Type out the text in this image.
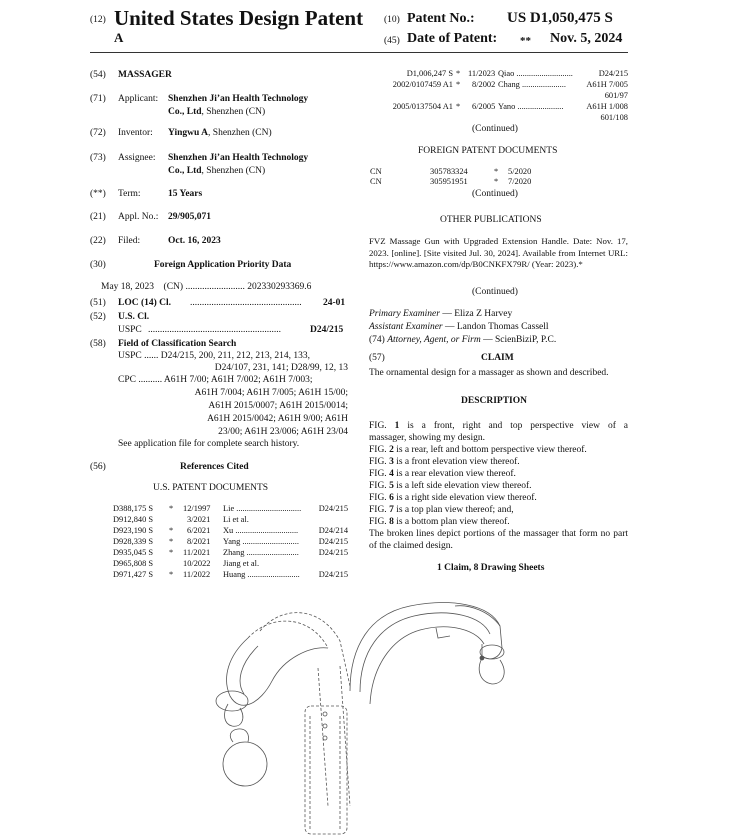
(12) United States Design Patent
A
(10) Patent No.: US D1,050,475 S
(45) Date of Patent: ** Nov. 5, 2024
(54) MASSAGER
(71) Applicant: Shenzhen Ji’an Health Technology
Co., Ltd, Shenzhen (CN)
(72) Inventor: Yingwu A, Shenzhen (CN)
(73) Assignee: Shenzhen Ji’an Health Technology
Co., Ltd, Shenzhen (CN)
(**) Term:	15 Years
(21) Appl. No.: 29/905,071
(22) Filed:	Oct. 16, 2023
(30)	Foreign Application Priority Data
May 18, 2023    (CN) ......................... 202330293369.6
(51) LOC (14) Cl. ............................................... 24-01
(52) U.S. Cl.
USPC ........................................................	D24/215
(58) Field of Classification Search
USPC ...... D24/215, 200, 211, 212, 213, 214, 133,
D24/107, 231, 141; D28/99, 12, 13
CPC .......... A61H 7/00; A61H 7/002; A61H 7/003;
A61H 7/004; A61H 7/005; A61H 15/00;
A61H 2015/0007; A61H 2015/0014;
A61H 2015/0042; A61H 9/00; A61H
23/00; A61H 23/006; A61H 23/04
See application file for complete search history.
(56)	References Cited
U.S. PATENT DOCUMENTS
D388,175 S * 12/1997 Lie ............................... D24/215
D912,840 S	3/2021 Li et al.
D923,190 S * 6/2021 Xu .............................. D24/214
D928,339 S * 8/2021 Yang ........................... D24/215
D935,045 S * 11/2021 Zhang ......................... D24/215
D965,808 S	10/2022 Jiang et al.
D971,427 S * 11/2022 Huang ......................... D24/215
D1,006,247 S * 11/2023 Qiao ...........................	D24/215
2002/0107459 A1 * 8/2002 Chang ..................... A61H 7/005
601/97
2005/0137504 A1 * 6/2005 Yano ......................	A61H 1/008
601/108
(Continued)
FOREIGN PATENT DOCUMENTS
CN	305783324	* 5/2020
CN	305951951	* 7/2020
(Continued)
OTHER PUBLICATIONS
FVZ Massage Gun with Upgraded Extension Handle. Date: Nov. 17, 2023. [online]. [Site visited Jul. 30, 2024]. Available from Internet URL: https://www.amazon.com/dp/B0CNKFX79R/ (Year: 2023).*
(Continued)
Primary Examiner — Eliza Z Harvey
Assistant Examiner — Landon Thomas Cassell
(74) Attorney, Agent, or Firm — ScienBiziP, P.C.
(57)	CLAIM
The ornamental design for a massager as shown and described.
DESCRIPTION
FIG. 1 is a front, right and top perspective view of a
massager, showing my design.
FIG. 2 is a rear, left and bottom perspective view thereof.
FIG. 3 is a front elevation view thereof.
FIG. 4 is a rear elevation view thereof.
FIG. 5 is a left side elevation view thereof.
FIG. 6 is a right side elevation view thereof.
FIG. 7 is a top plan view thereof; and,
FIG. 8 is a bottom plan view thereof.
The broken lines depict portions of the massager that form no part of the claimed design.
1 Claim, 8 Drawing Sheets
